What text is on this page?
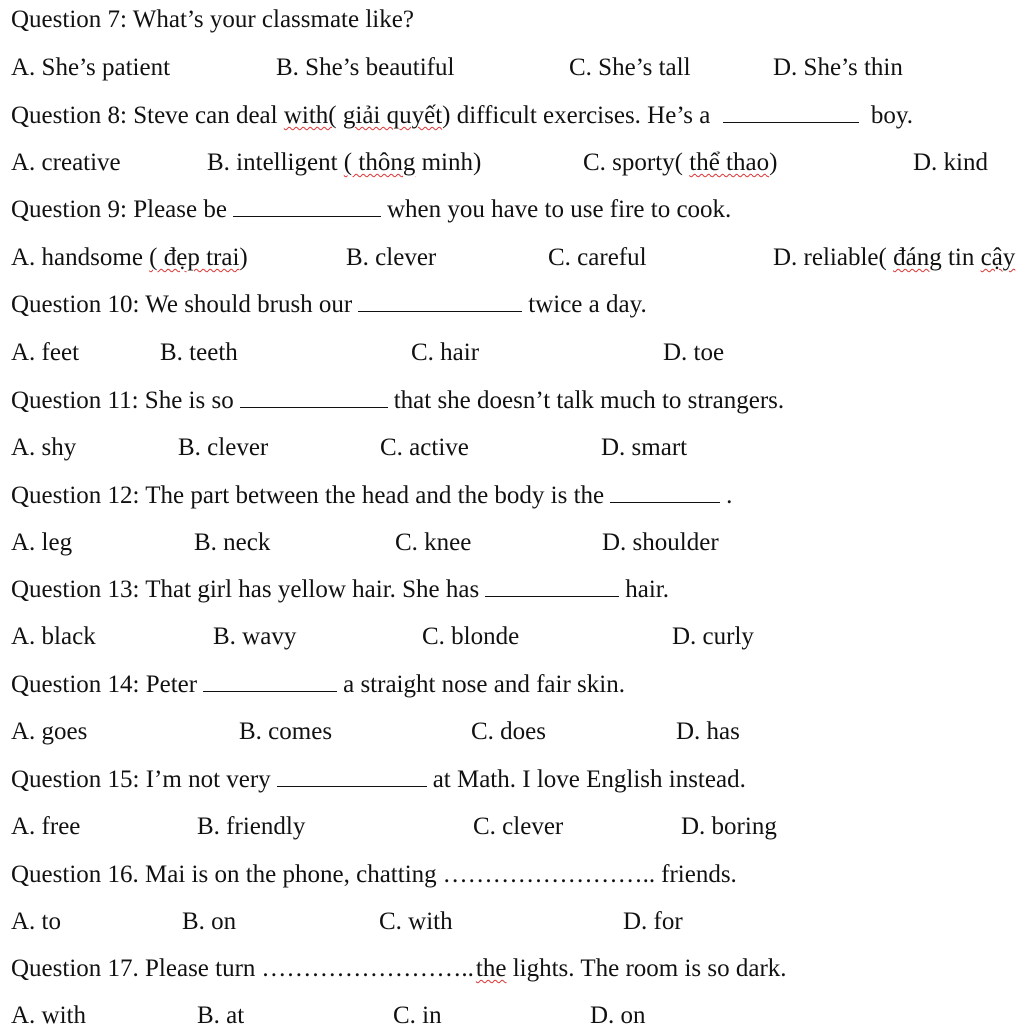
Question 7: What’s your classmate like?
A. She’s patient	B. She’s beautiful	C. She’s tall	D. She’s thin
Question 8: Steve can deal with( giải quyết) difficult exercises. He’s a	boy.
A. creative	B. intelligent ( thông minh)	C. sporty( thể thao)	D. kind
Question 9: Please be	when you have to use fire to cook.
A. handsome ( đẹp trai)	B. clever	C. careful	D. reliable( đáng tin cậy
Question 10: We should brush our	twice a day.
A. feet	B. teeth	C. hair	D. toe
Question 11: She is so	that she doesn’t talk much to strangers.
A. shy	B. clever	C. active	D. smart
Question 12: The part between the head and the body is the	.
A. leg	B. neck	C. knee	D. shoulder
Question 13: That girl has yellow hair. She has	hair.
A. black	B. wavy	C. blonde	D. curly
Question 14: Peter	a straight nose and fair skin.
A. goes	B. comes	C. does	D. has
Question 15: I’m not very	at Math. I love English instead.
A. free	B. friendly	C. clever	D. boring
Question 16. Mai is on the phone, chatting …………………….. friends.
A. to	B. on	C. with	D. for
Question 17. Please turn ……………………..the lights. The room is so dark.
A. with	B. at	C. in	D. on
